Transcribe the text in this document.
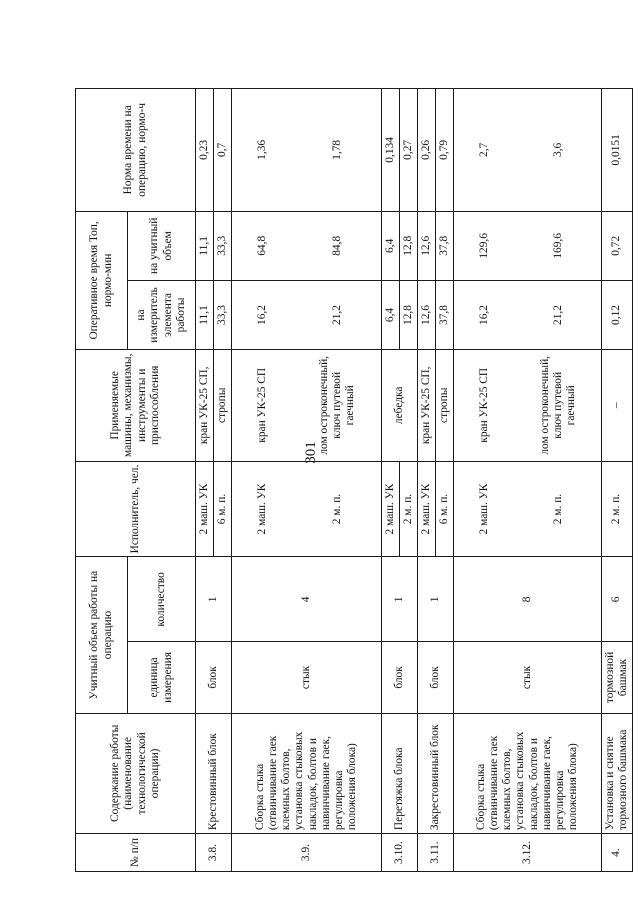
301
№ п/п	Содержание работы (наименование технологической операции)	Учитный объем работы на операцию		Исполнитель, чел.	Применяемые машины, механизмы, инструменты и приспособления	Оперативное время Топ, нормо-мин		Норма времени на операцию, нормо-ч
		единица измерения	количество			на измеритель элемента работы	на учитный объем	
3.8.	Крестовинный блок	блок	1	2 маш. УК	кран УК-25 СП,	11,1	11,1	0,23
				6 м. п.	стропы	33,3	33,3	0,7
3.9.	Сборка стыка (отвинчивание гаек клемных болтов, установка стыковых накладок, болтов и навинчивание гаек, регулировка положения блока)	стык	4	2 маш. УК	кран УК-25 СП	16,2	64,8	1,36
				2 м. п.	лом остроконечный, ключ путевой гаечный	21,2	84,8	1,78
3.10.	Перетяжка блока	блок	1	2 маш. УК	лебедка	6,4	6,4	0,134
				2 м. п.		12,8	12,8	0,27
3.11.	Закрестовинный блок	блок	1	2 маш. УК	кран УК-25 СП,	12,6	12,6	0,26
				6 м. п.	стропы	37,8	37,8	0,79
3.12.	Сборка стыка (отвинчивание гаек клемных болтов, установка стыковых накладок, болтов и навинчивание гаек, регулировка положения блока)	стык	8	2 маш. УК	кран УК-25 СП	16,2	129,6	2,7
				2 м. п.	лом остроконечный, ключ путевой гаечный	21,2	169,6	3,6
4.	Установка и снятие тормозного башмака	тормозной башмак	6	2 м. п.	–	0,12	0,72	0,0151
